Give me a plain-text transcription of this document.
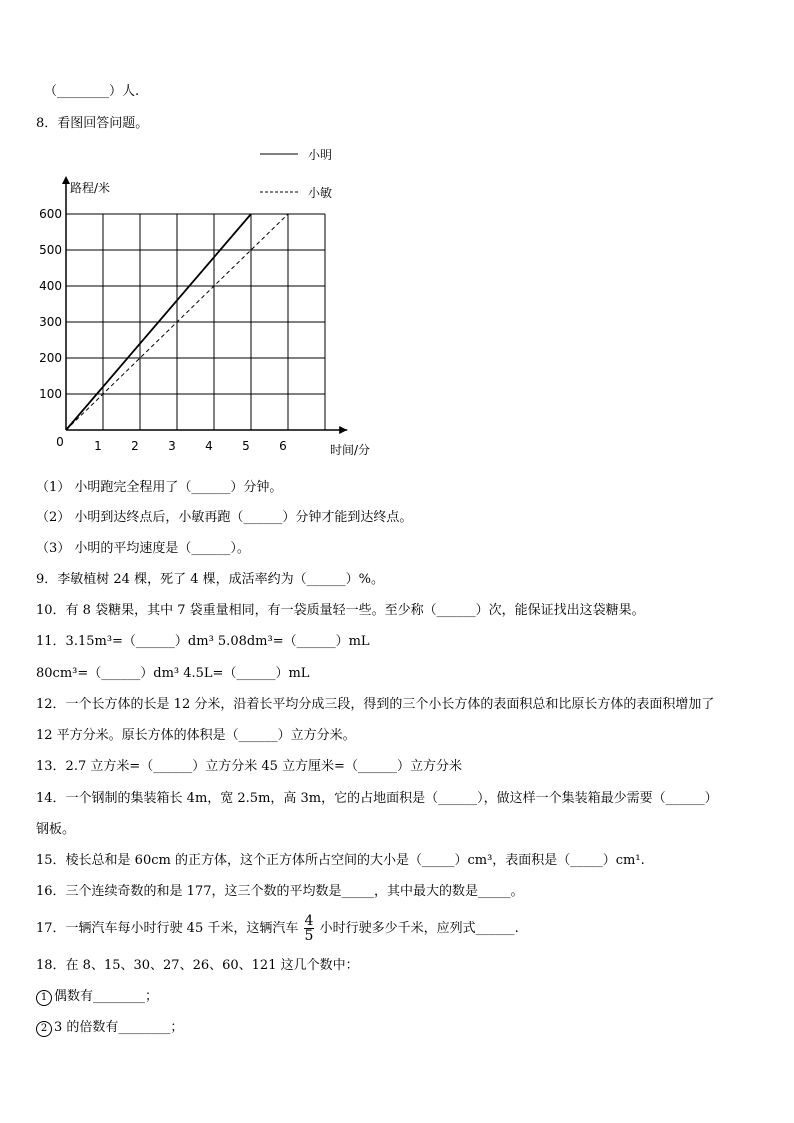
（________）人.
8．看图回答问题。
100
200
300
400
500
600
1 2 3 4 5 6
0
路程/米
时间/分
小明
小敏
（1） 小明跑完全程用了（______）分钟。
（2） 小明到达终点后，小敏再跑（______）分钟才能到达终点。
（3） 小明的平均速度是（______）。
9．李敏植树 24 棵，死了 4 棵，成活率约为（______）%。
10．有 8 袋糖果，其中 7 袋重量相同，有一袋质量轻一些。至少称（______）次，能保证找出这袋糖果。
11．3.15m³=（______）dm³ 5.08dm³=（______）mL
80cm³=（______）dm³ 4.5L=（______）mL
12．一个长方体的长是 12 分米，沿着长平均分成三段，得到的三个小长方体的表面积总和比原长方体的表面积增加了
12 平方分米。原长方体的体积是（______）立方分米。
13．2.7 立方米=（______）立方分米 45 立方厘米=（______）立方分米
14．一个钢制的集装箱长 4m，宽 2.5m，高 3m，它的占地面积是（______），做这样一个集装箱最少需要（______）
钢板。
15．棱长总和是 60cm 的正方体，这个正方体所占空间的大小是（_____）cm³，表面积是（_____）cm¹.
16．三个连续奇数的和是 177，这三个数的平均数是_____，其中最大的数是_____。
17．一辆汽车每小时行驶 45 千米，这辆汽车 $\frac{4}{5}$ 小时行驶多少千米，应列式______.
18．在 8、15、30、27、26、60、121 这几个数中：
1 偶数有________；
2 3 的倍数有________；
